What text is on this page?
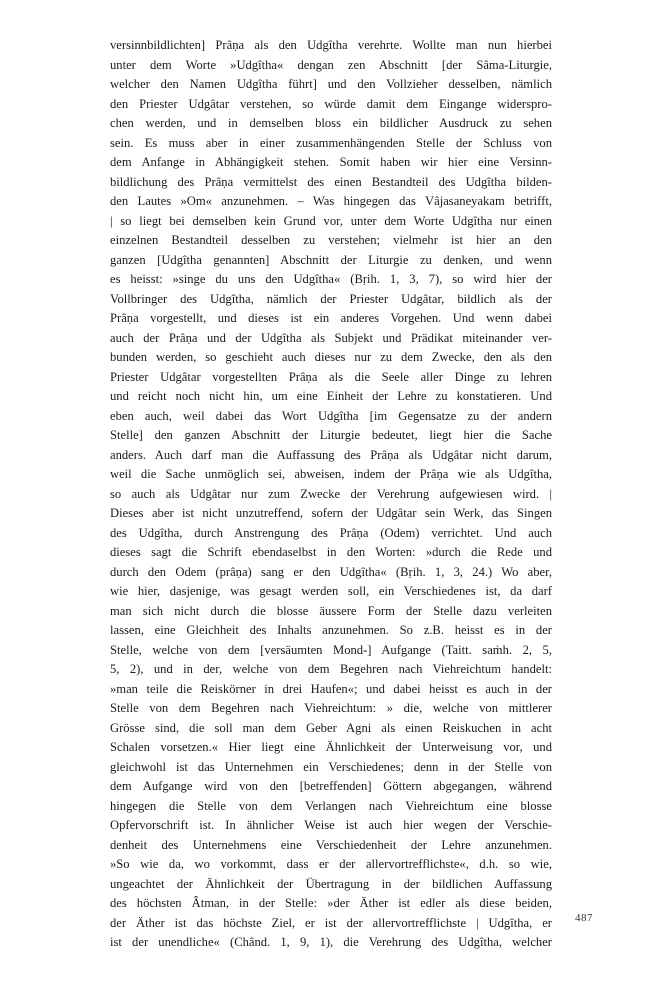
versinnbildlichten] Prâṇa als den Udgîtha verehrte. Wollte man nun hierbei
unter dem Worte »Udgîtha« dengan zen Abschnitt [der Sâma-Liturgie,
welcher den Namen Udgîtha führt] und den Vollzieher desselben, nämlich
den Priester Udgâtar verstehen, so würde damit dem Eingange widerspro-
chen werden, und in demselben bloss ein bildlicher Ausdruck zu sehen
sein. Es muss aber in einer zusammenhängenden Stelle der Schluss von
dem Anfange in Abhängigkeit stehen. Somit haben wir hier eine Versinn-
bildlichung des Prâṇa vermittelst des einen Bestandteil des Udgîtha bilden-
den Lautes »Om« anzunehmen. – Was hingegen das Vâjasaneyakam betrifft,
| so liegt bei demselben kein Grund vor, unter dem Worte Udgîtha nur einen
einzelnen Bestandteil desselben zu verstehen; vielmehr ist hier an den
ganzen [Udgîtha genannten] Abschnitt der Liturgie zu denken, und wenn
es heisst: »singe du uns den Udgîtha« (Bṛih. 1, 3, 7), so wird hier der
Vollbringer des Udgîtha, nämlich der Priester Udgâtar, bildlich als der
Prâṇa vorgestellt, und dieses ist ein anderes Vorgehen. Und wenn dabei
auch der Prâṇa und der Udgîtha als Subjekt und Prädikat miteinander ver-
bunden werden, so geschieht auch dieses nur zu dem Zwecke, den als den
Priester Udgâtar vorgestellten Prâṇa als die Seele aller Dinge zu lehren
und reicht noch nicht hin, um eine Einheit der Lehre zu konstatieren. Und
eben auch, weil dabei das Wort Udgîtha [im Gegensatze zu der andern
Stelle] den ganzen Abschnitt der Liturgie bedeutet, liegt hier die Sache
anders. Auch darf man die Auffassung des Prâṇa als Udgâtar nicht darum,
weil die Sache unmöglich sei, abweisen, indem der Prâṇa wie als Udgîtha,
so auch als Udgâtar nur zum Zwecke der Verehrung aufgewiesen wird. |
Dieses aber ist nicht unzutreffend, sofern der Udgâtar sein Werk, das Singen
des Udgîtha, durch Anstrengung des Prâṇa (Odem) verrichtet. Und auch
dieses sagt die Schrift ebendaselbst in den Worten: »durch die Rede und
durch den Odem (prâṇa) sang er den Udgîtha« (Bṛih. 1, 3, 24.) Wo aber,
wie hier, dasjenige, was gesagt werden soll, ein Verschiedenes ist, da darf
man sich nicht durch die blosse äussere Form der Stelle dazu verleiten
lassen, eine Gleichheit des Inhalts anzunehmen. So z.B. heisst es in der
Stelle, welche von dem [versäumten Mond-] Aufgange (Taitt. saṁh. 2, 5,
5, 2), und in der, welche von dem Begehren nach Viehreichtum handelt:
»man teile die Reiskörner in drei Haufen«; und dabei heisst es auch in der
Stelle von dem Begehren nach Viehreichtum: » die, welche von mittlerer
Grösse sind, die soll man dem Geber Agni als einen Reiskuchen in acht
Schalen vorsetzen.« Hier liegt eine Ähnlichkeit der Unterweisung vor, und
gleichwohl ist das Unternehmen ein Verschiedenes; denn in der Stelle von
dem Aufgange wird von den [betreffenden] Göttern abgegangen, während
hingegen die Stelle von dem Verlangen nach Viehreichtum eine blosse
Opfervorschrift ist. In ähnlicher Weise ist auch hier wegen der Verschie-
denheit des Unternehmens eine Verschiedenheit der Lehre anzunehmen.
»So wie da, wo vorkommt, dass er der allervortrefflichste«, d.h. so wie,
ungeachtet der Ähnlichkeit der Übertragung in der bildlichen Auffassung
des höchsten Âtman, in der Stelle: »der Äther ist edler als diese beiden,
der Äther ist das höchste Ziel, er ist der allervortrefflichste | Udgîtha, er
ist der unendliche« (Chând. 1, 9, 1), die Verehrung des Udgîtha, welcher
487
